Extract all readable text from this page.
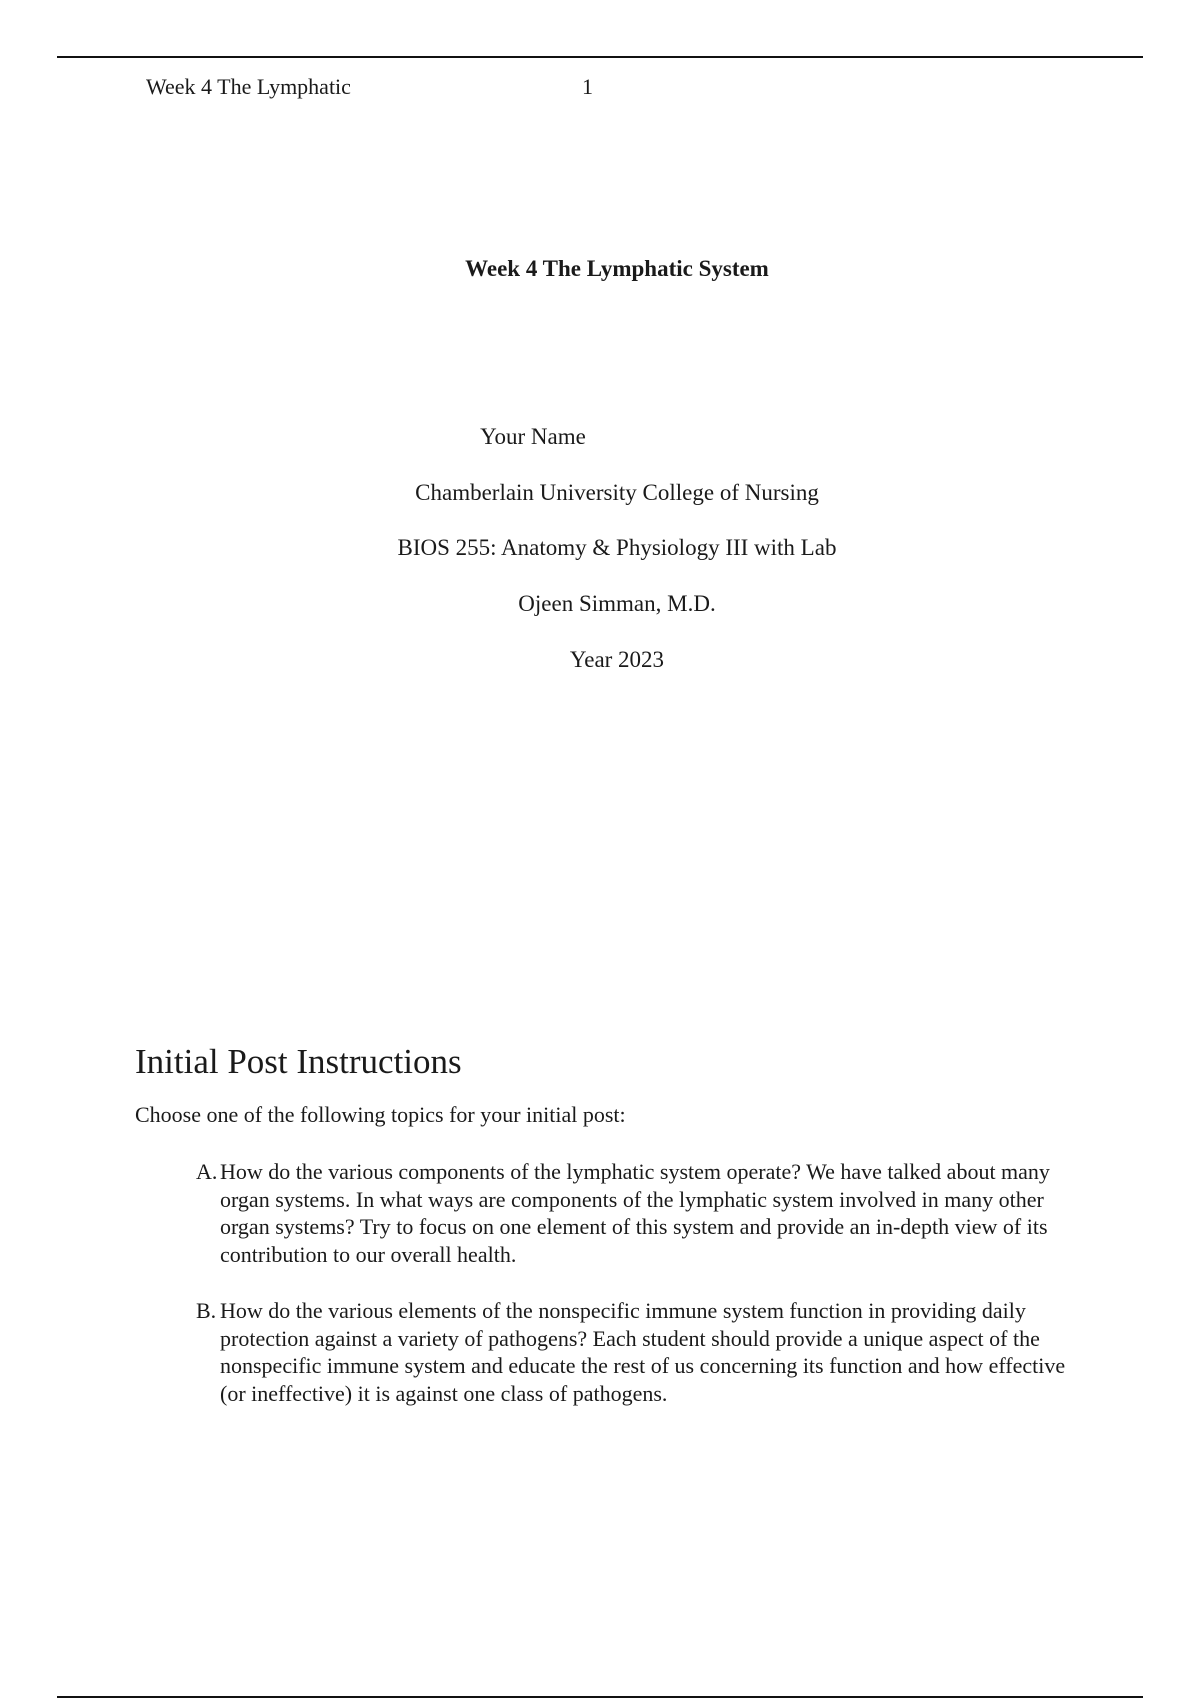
Week 4 The Lymphatic	1
Week 4 The Lymphatic System
Your Name
Chamberlain University College of Nursing
BIOS 255: Anatomy & Physiology III with Lab
Ojeen Simman, M.D.
Year 2023
Initial Post Instructions
Choose one of the following topics for your initial post:
A. How do the various components of the lymphatic system operate? We have talked about many organ systems. In what ways are components of the lymphatic system involved in many other organ systems? Try to focus on one element of this system and provide an in-depth view of its contribution to our overall health.
B. How do the various elements of the nonspecific immune system function in providing daily protection against a variety of pathogens? Each student should provide a unique aspect of the nonspecific immune system and educate the rest of us concerning its function and how effective (or ineffective) it is against one class of pathogens.
